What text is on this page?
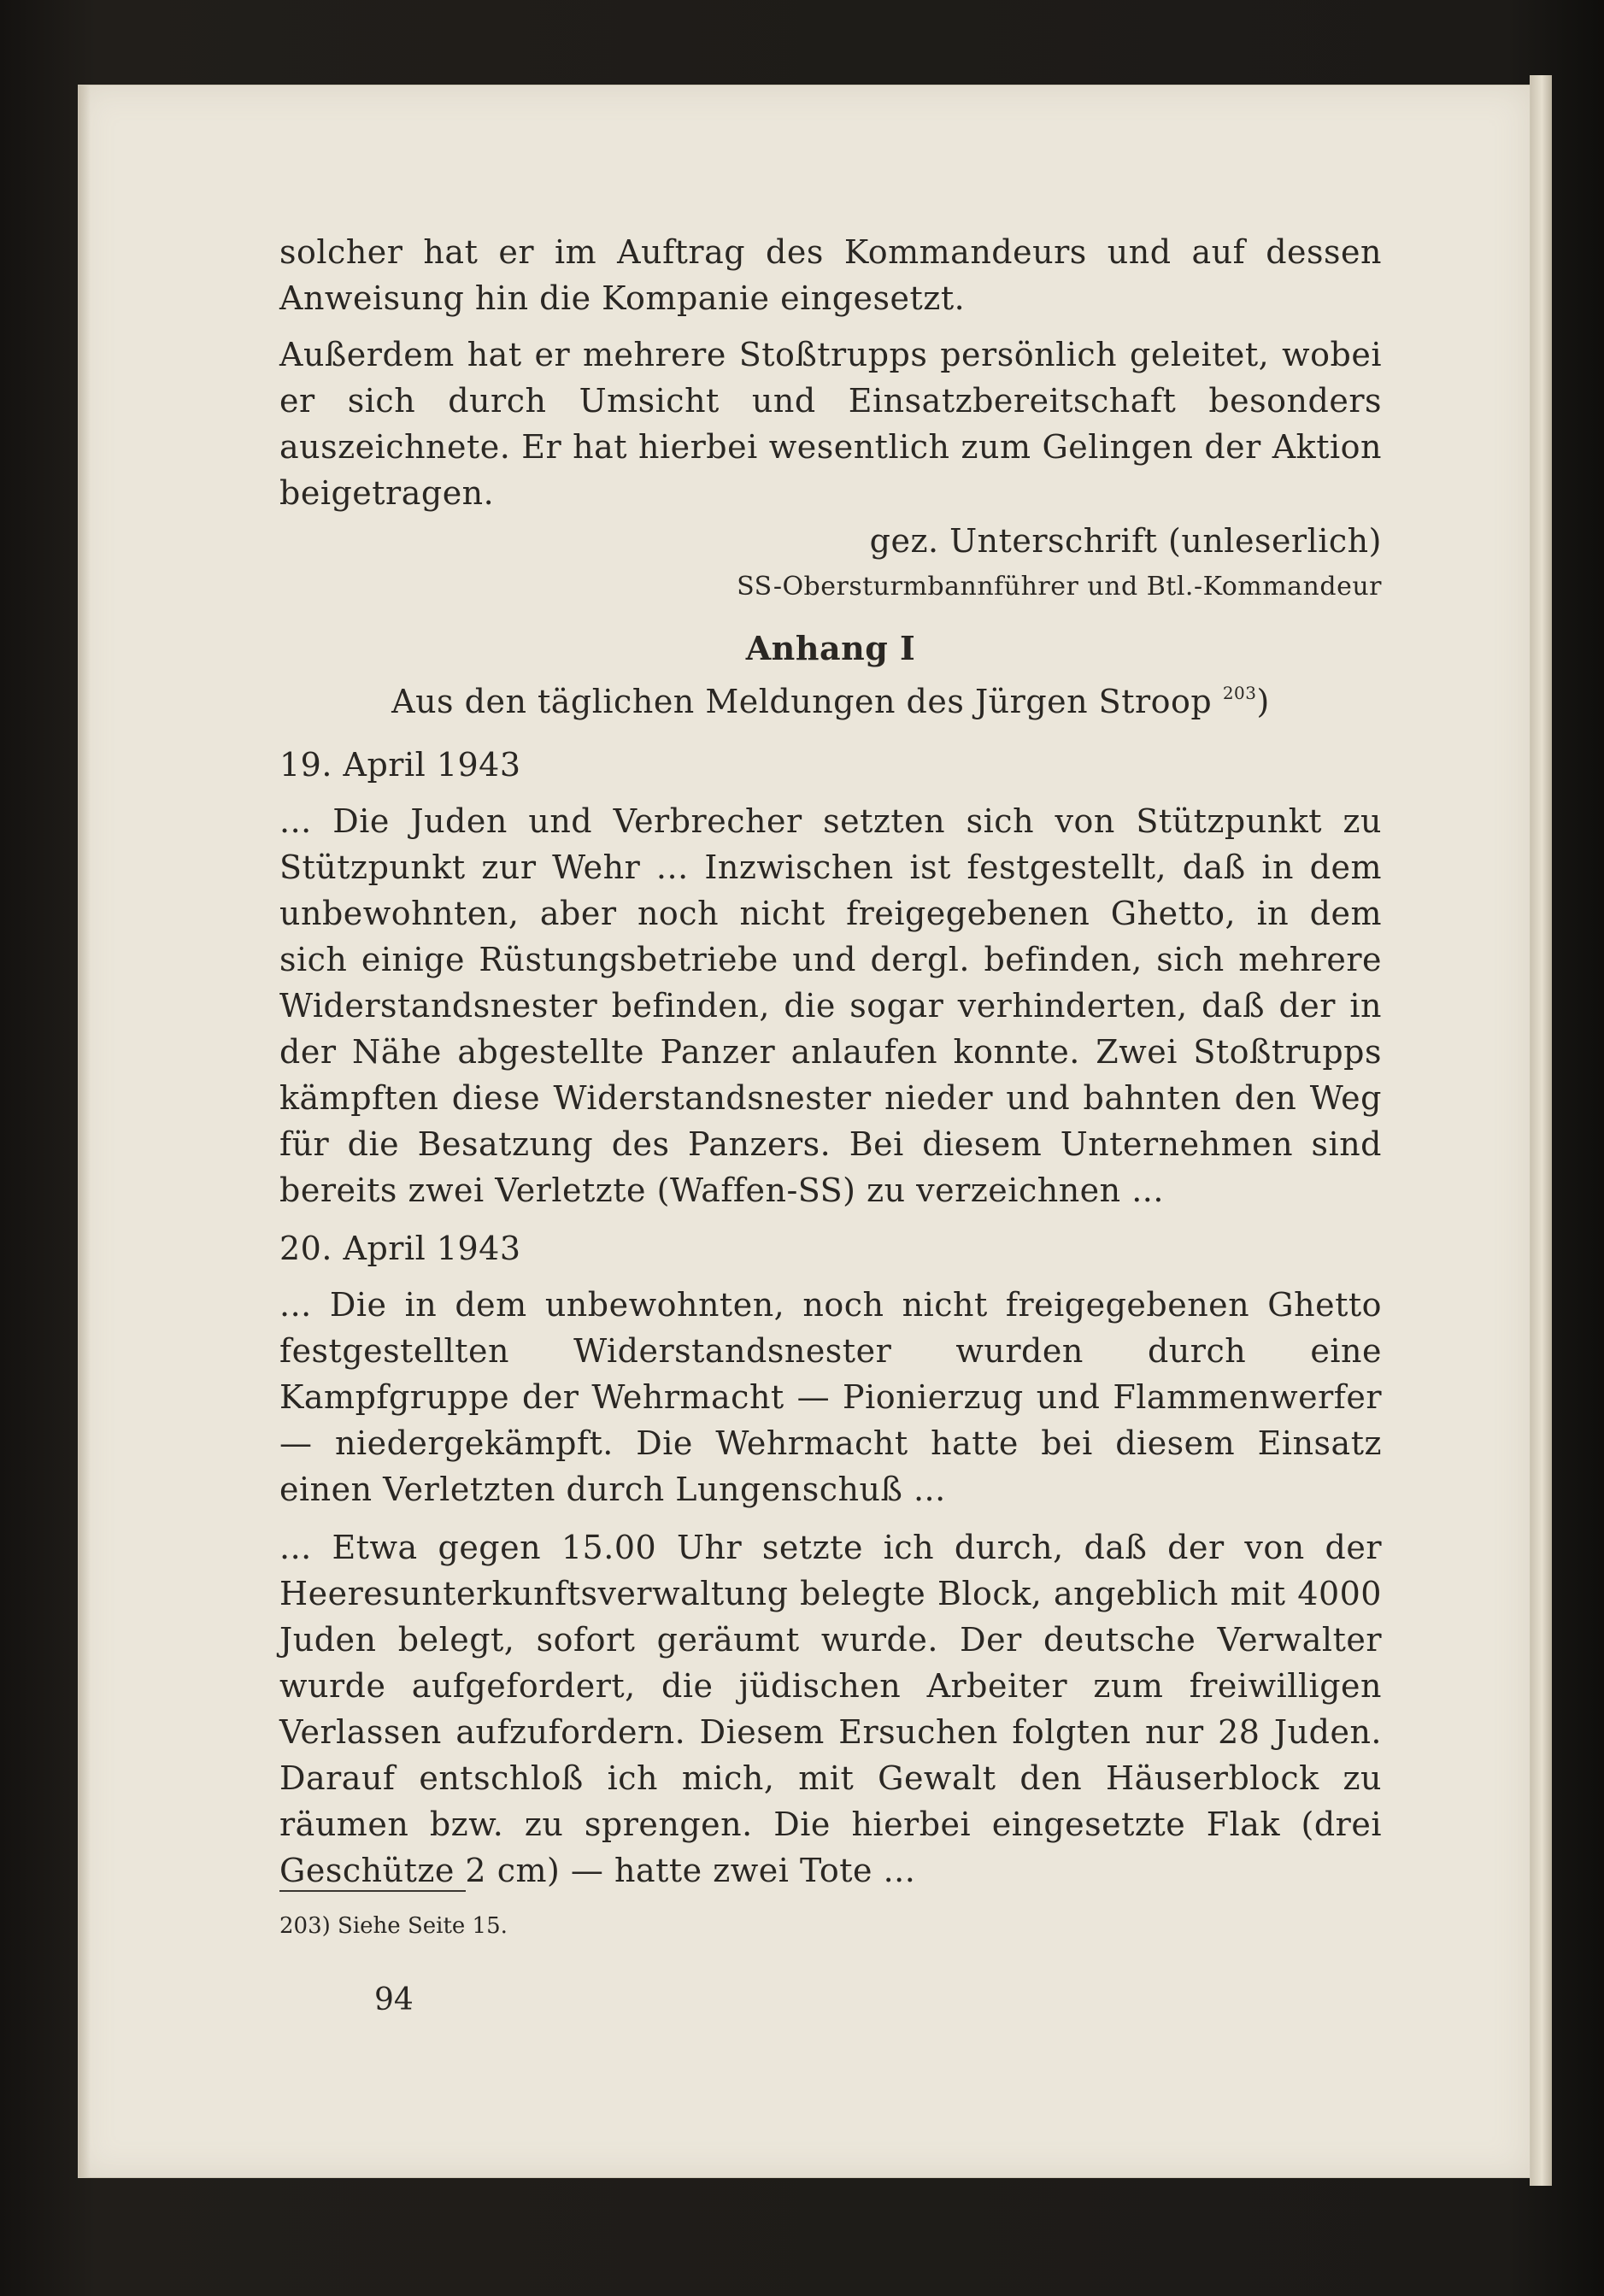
solcher hat er im Auftrag des Kommandeurs und auf dessen Anweisung hin die Kompanie eingesetzt.

Außerdem hat er mehrere Stoßtrupps persönlich geleitet, wobei er sich durch Umsicht und Einsatzbereitschaft besonders auszeichnete. Er hat hierbei wesentlich zum Gelingen der Aktion beigetragen.

gez. Unterschrift (unleserlich)
SS-Obersturmbannführer und Btl.-Kommandeur
Anhang I
Aus den täglichen Meldungen des Jürgen Stroop $^{203}$)
19. April 1943

... Die Juden und Verbrecher setzten sich von Stützpunkt zu Stützpunkt zur Wehr ... Inzwischen ist festgestellt, daß in dem unbewohnten, aber noch nicht freigegebenen Ghetto, in dem sich einige Rüstungsbetriebe und dergl. befinden, sich mehrere Widerstandsnester befinden, die sogar verhinderten, daß der in der Nähe abgestellte Panzer anlaufen konnte. Zwei Stoßtrupps kämpften diese Widerstandsnester nieder und bahnten den Weg für die Besatzung des Panzers. Bei diesem Unternehmen sind bereits zwei Verletzte (Waffen-SS) zu verzeichnen ...

20. April 1943

... Die in dem unbewohnten, noch nicht freigegebenen Ghetto festgestellten Widerstandsnester wurden durch eine Kampfgruppe der Wehrmacht — Pionierzug und Flammenwerfer — niedergekämpft. Die Wehrmacht hatte bei diesem Einsatz einen Verletzten durch Lungenschuß ...

... Etwa gegen 15.00 Uhr setzte ich durch, daß der von der Heeresunterkunftsverwaltung belegte Block, angeblich mit 4000 Juden belegt, sofort geräumt wurde. Der deutsche Verwalter wurde aufgefordert, die jüdischen Arbeiter zum freiwilligen Verlassen aufzufordern. Diesem Ersuchen folgten nur 28 Juden. Darauf entschloß ich mich, mit Gewalt den Häuserblock zu räumen bzw. zu sprengen. Die hierbei eingesetzte Flak (drei Geschütze 2 cm) — hatte zwei Tote ...

203) Siehe Seite 15.
94
